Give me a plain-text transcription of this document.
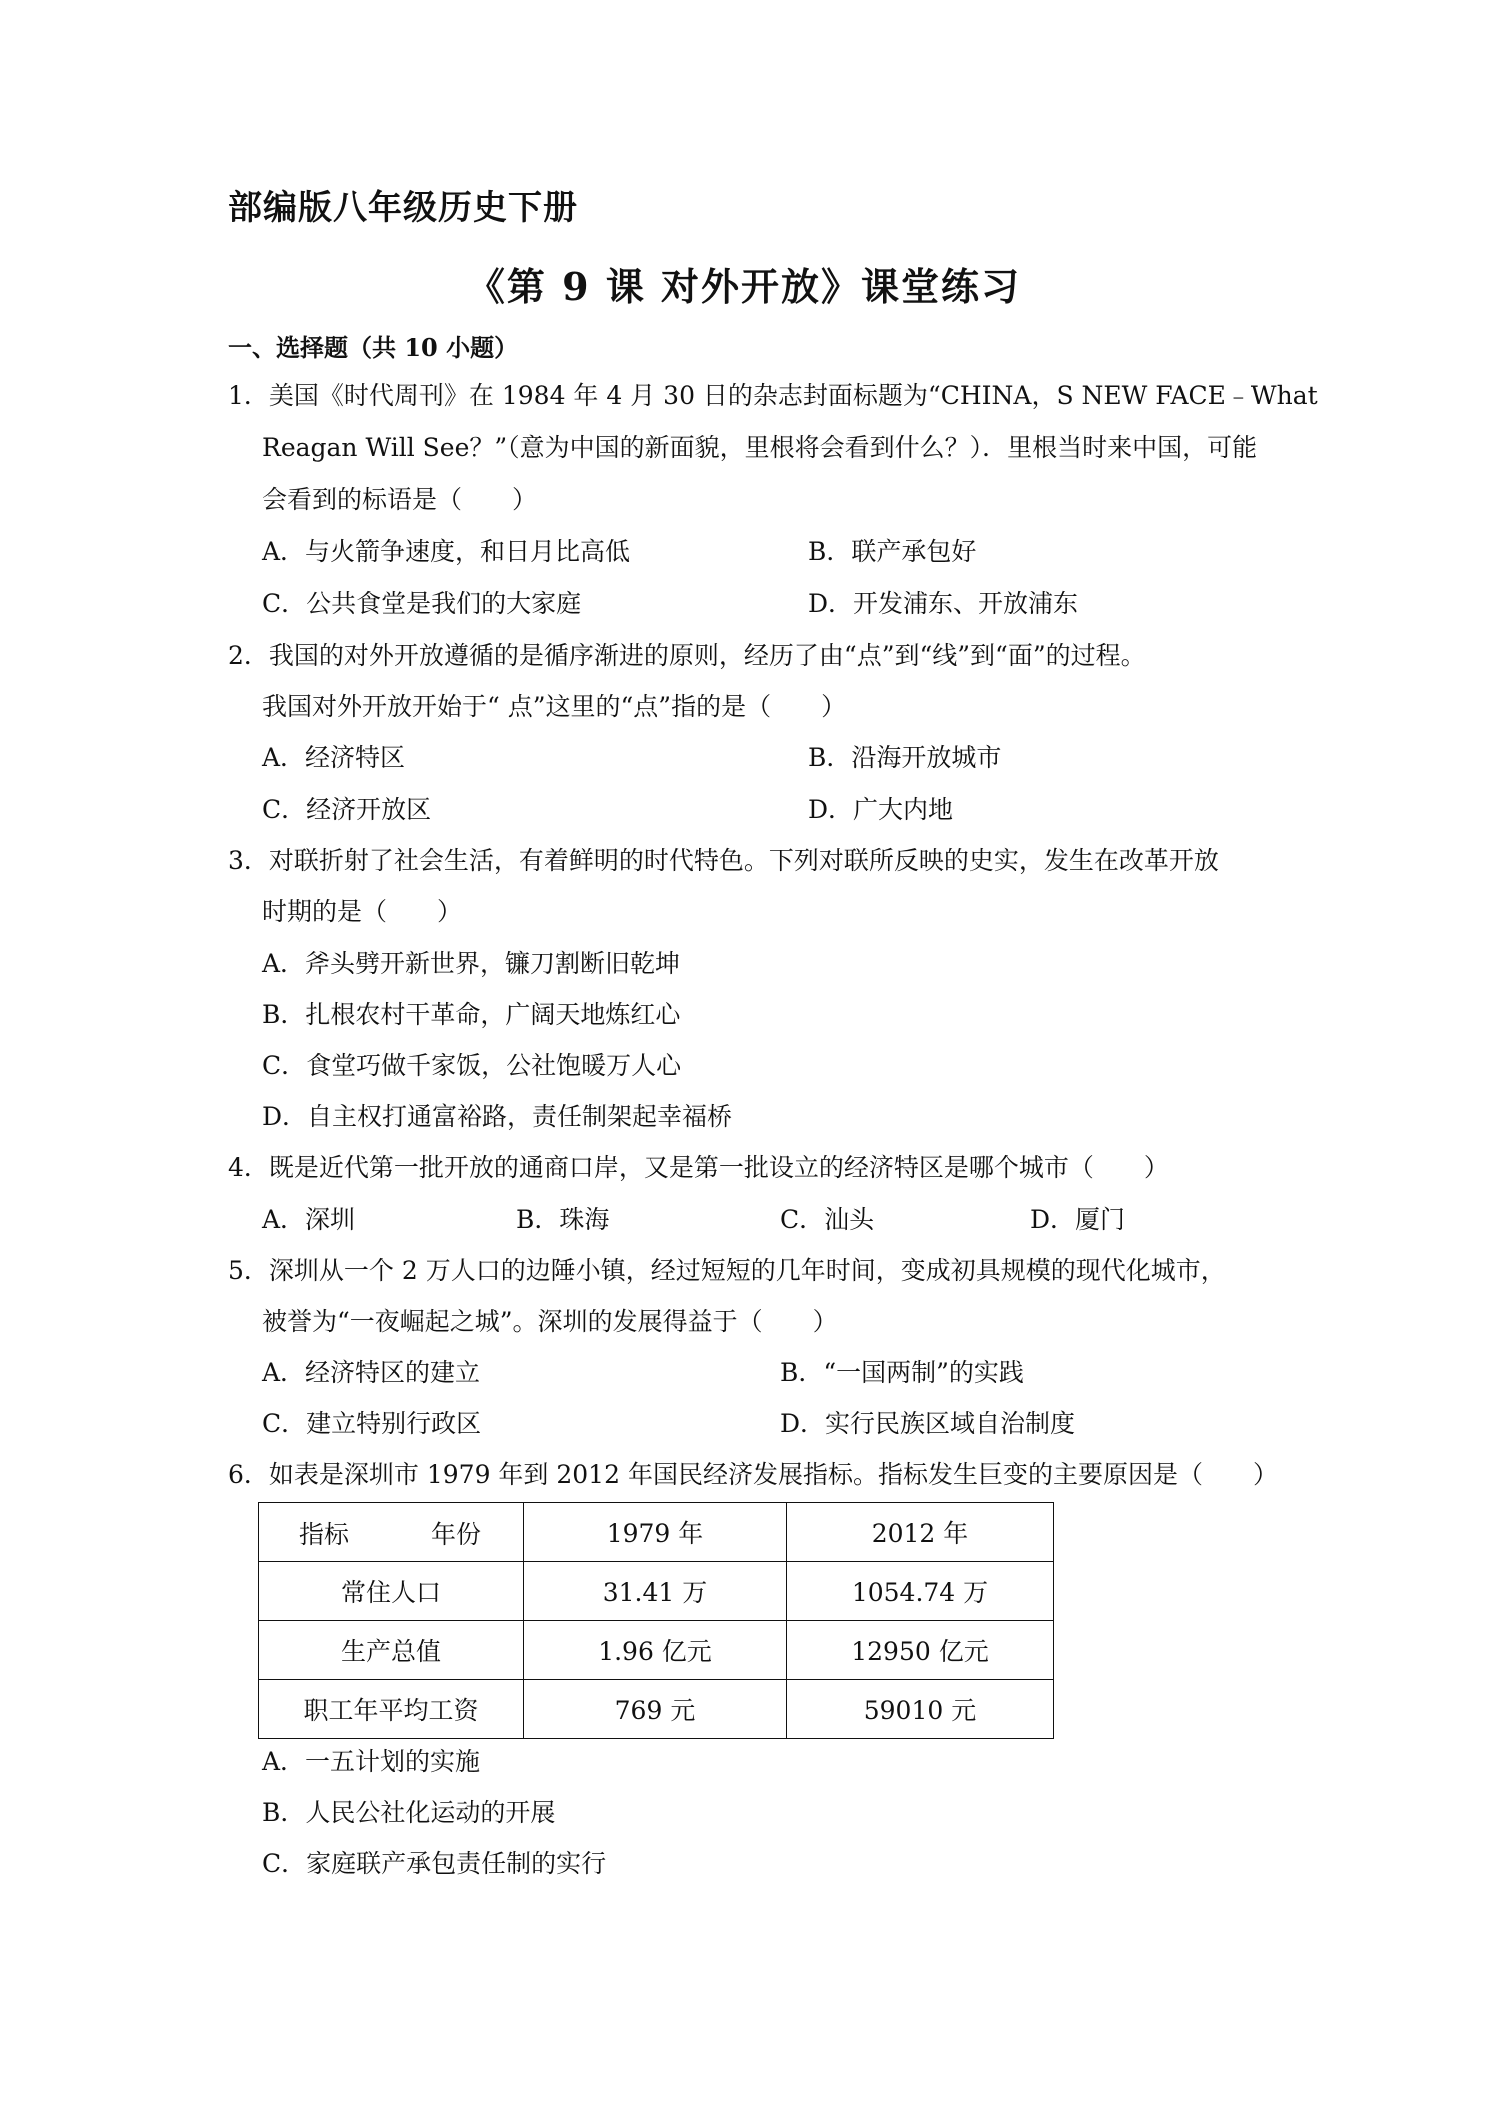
部编版八年级历史下册
《第 9 课 对外开放》课堂练习
一、选择题（共 10 小题）
1．美国《时代周刊》在 1984 年 4 月 30 日的杂志封面标题为“CHINA，S NEW FACE﹣What
Reagan Will See？”（意为中国的新面貌，里根将会看到什么？）．里根当时来中国，可能
会看到的标语是（　　）
A．与火箭争速度，和日月比高低	B．联产承包好
C．公共食堂是我们的大家庭	D．开发浦东、开放浦东
2．我国的对外开放遵循的是循序渐进的原则，经历了由“点”到“线”到“面”的过程。
我国对外开放开始于“ 点”这里的“点”指的是（　　）
A．经济特区	B．沿海开放城市
C．经济开放区	D．广大内地
3．对联折射了社会生活，有着鲜明的时代特色。下列对联所反映的史实，发生在改革开放
时期的是（　　）
A．斧头劈开新世界，镰刀割断旧乾坤
B．扎根农村干革命，广阔天地炼红心
C．食堂巧做千家饭，公社饱暖万人心
D．自主权打通富裕路，责任制架起幸福桥
4．既是近代第一批开放的通商口岸，又是第一批设立的经济特区是哪个城市（　　）
A．深圳	B．珠海	C．汕头	D．厦门
5．深圳从一个 2 万人口的边陲小镇，经过短短的几年时间，变成初具规模的现代化城市，
被誉为“一夜崛起之城”。深圳的发展得益于（　　）
A．经济特区的建立	B．“一国两制”的实践
C．建立特别行政区	D．实行民族区域自治制度
6．如表是深圳市 1979 年到 2012 年国民经济发展指标。指标发生巨变的主要原因是（　　）
指标 年份	1979 年	2012 年
常住人口	31.41 万	1054.74 万
生产总值	1.96 亿元	12950 亿元
职工年平均工资	769 元	59010 元
A．一五计划的实施
B．人民公社化运动的开展
C．家庭联产承包责任制的实行
